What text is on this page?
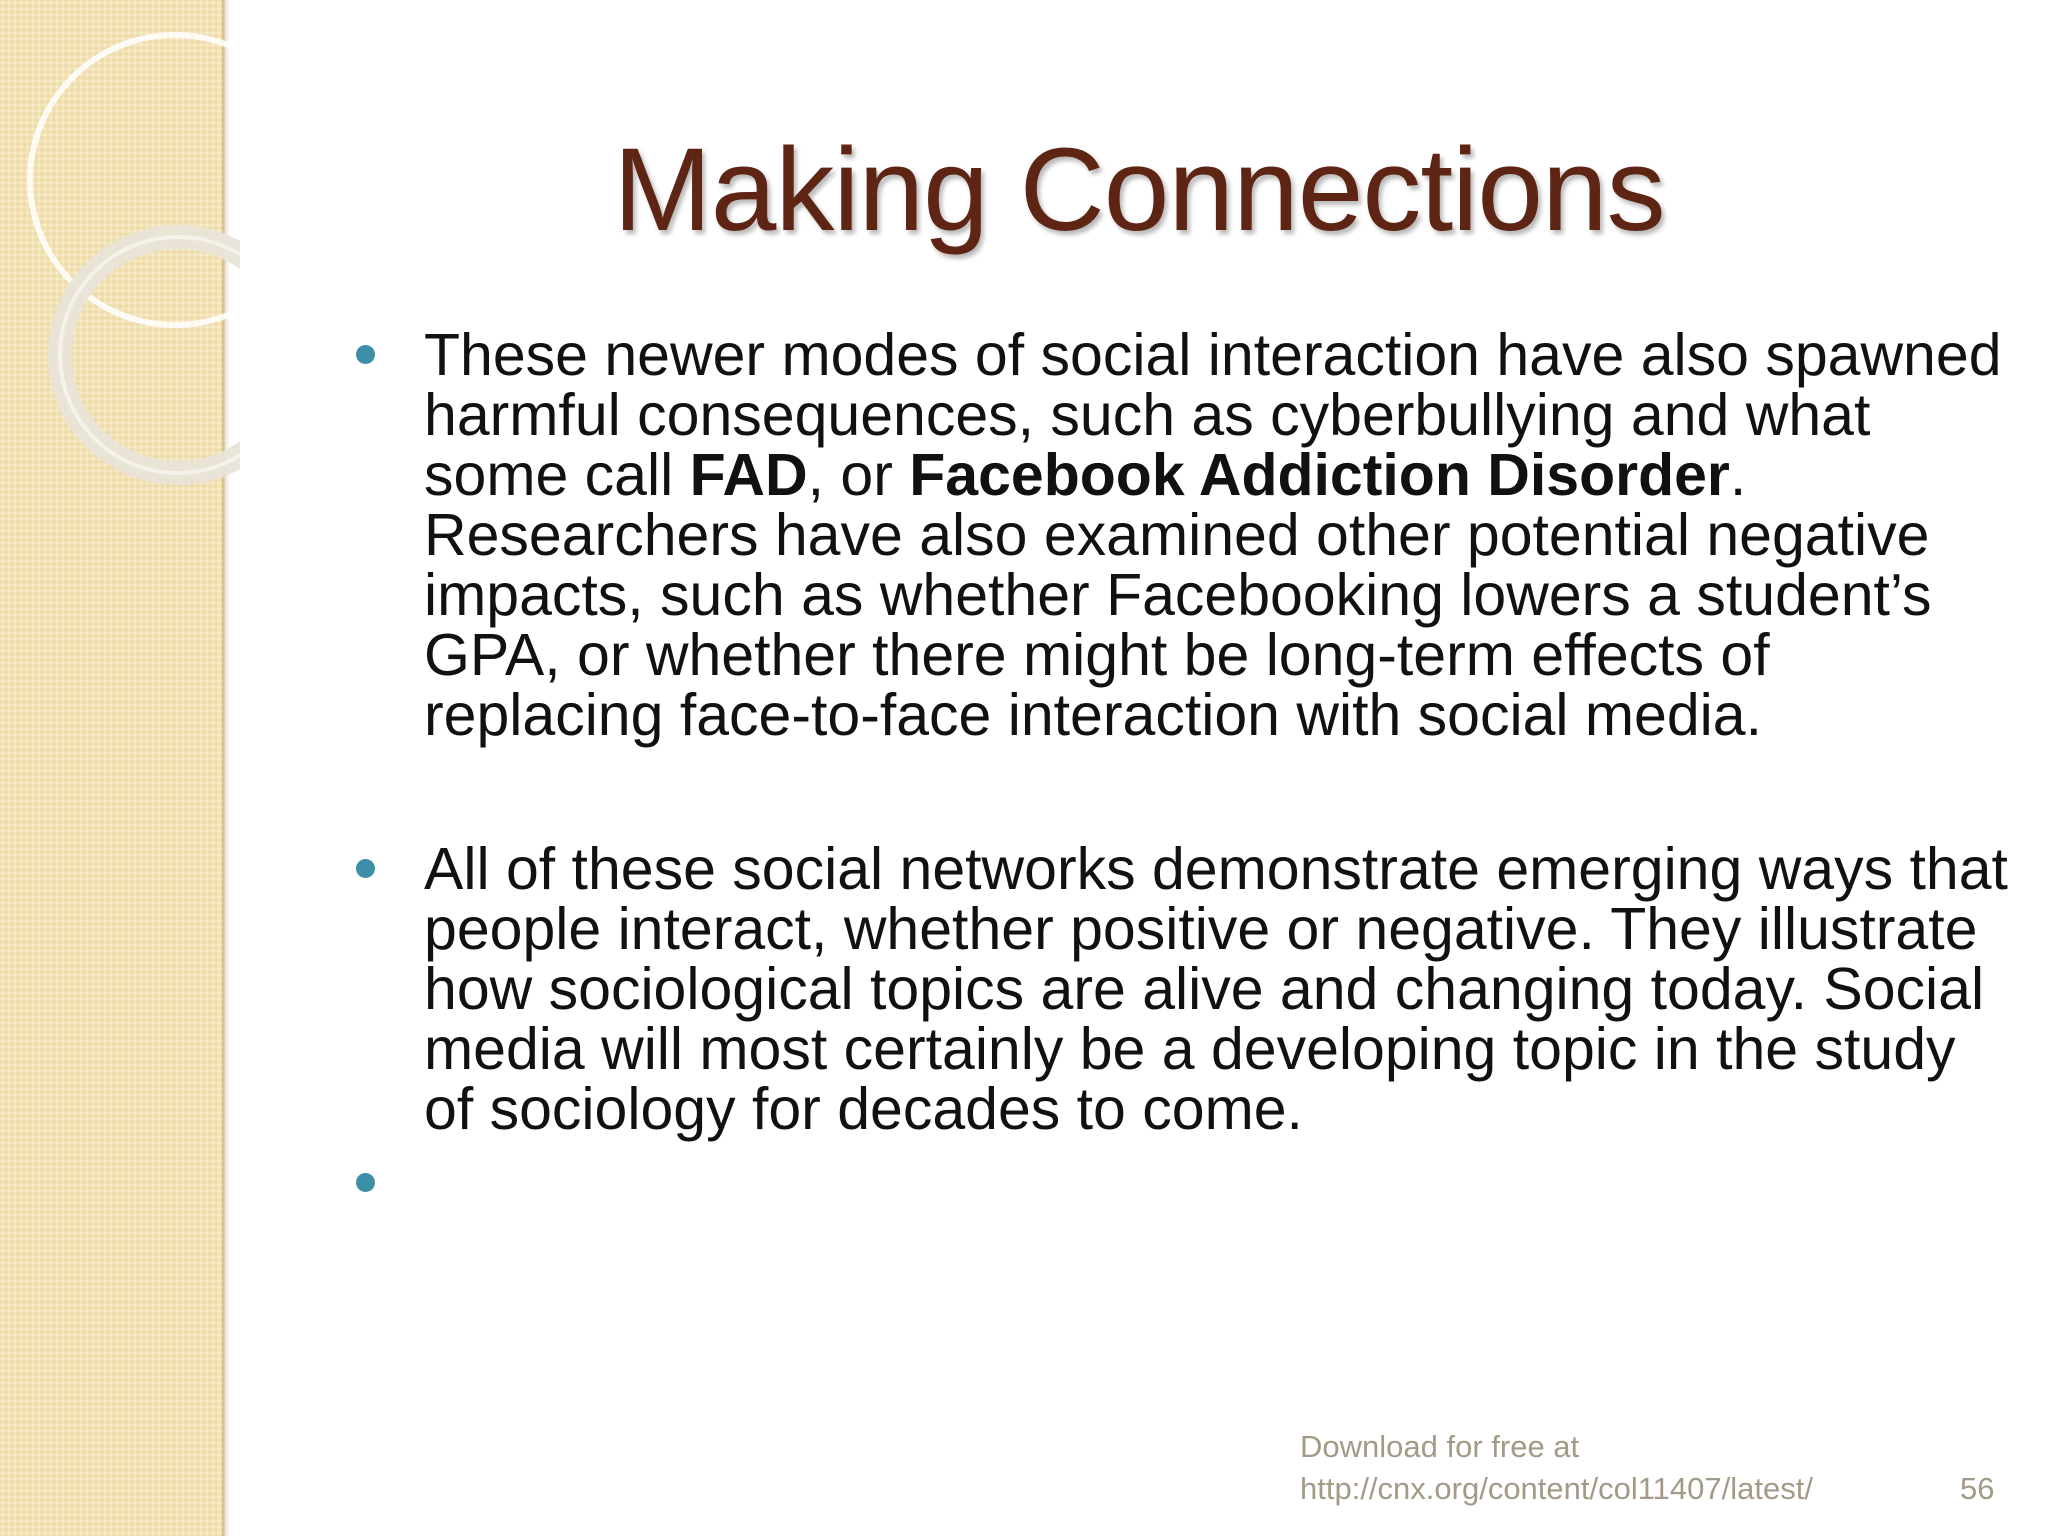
Making Connections
These newer modes of social interaction have also spawned harmful consequences, such as cyberbullying and what some call FAD, or Facebook Addiction Disorder. Researchers have also examined other potential negative impacts, such as whether Facebooking lowers a student’s GPA, or whether there might be long-term effects of replacing face-to-face interaction with social media.
All of these social networks demonstrate emerging ways that people interact, whether positive or negative. They illustrate how sociological topics are alive and changing today. Social media will most certainly be a developing topic in the study of sociology for decades to come.
Download for free at
http://cnx.org/content/col11407/latest/	56
